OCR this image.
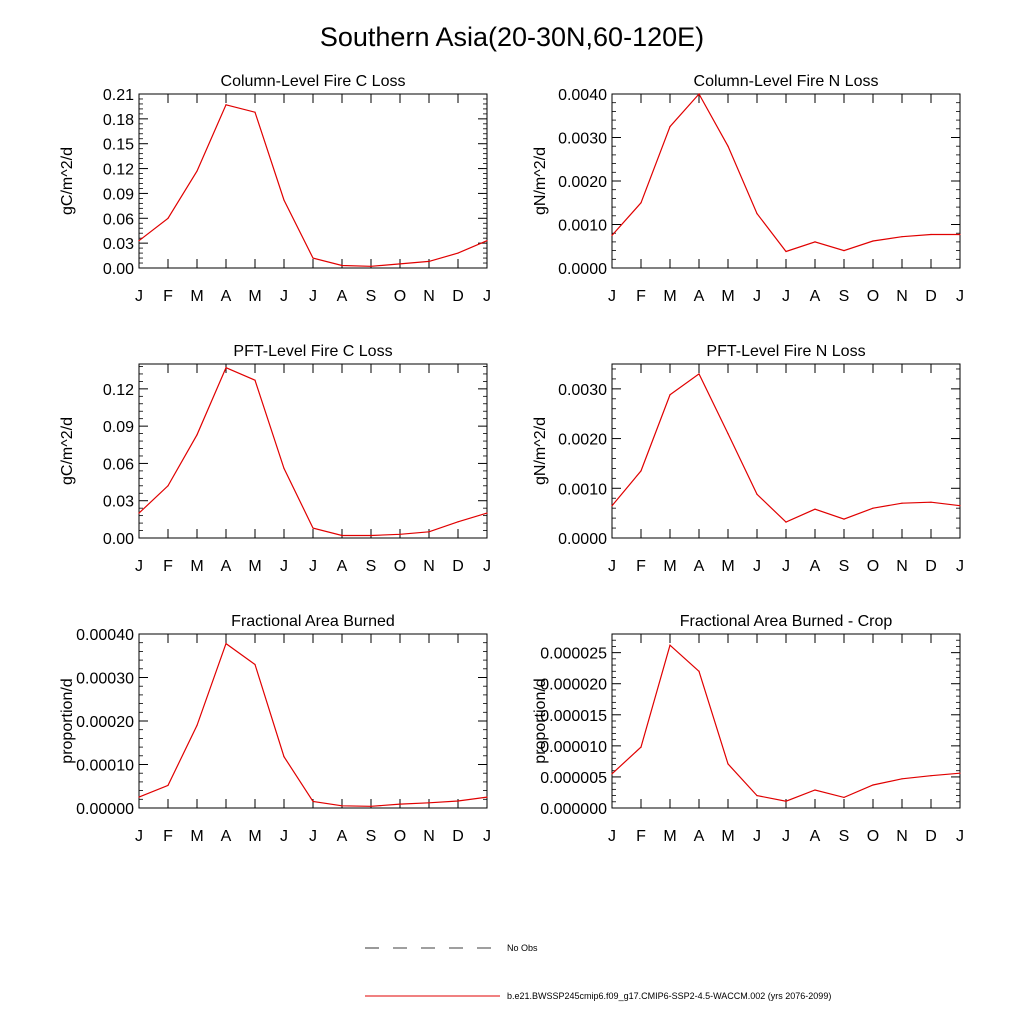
Southern Asia(20-30N,60-120E)
Column-Level Fire C Loss
gC/m^2/d
0.00
0.03
0.06
0.09
0.12
0.15
0.18
0.21
J F M A M J J A S O N D J
Column-Level Fire N Loss
gN/m^2/d
0.0000
0.0010
0.0020
0.0030
0.0040
J F M A M J J A S O N D J
PFT-Level Fire C Loss
gC/m^2/d
0.00
0.03
0.06
0.09
0.12
J F M A M J J A S O N D J
PFT-Level Fire N Loss
gN/m^2/d
0.0000
0.0010
0.0020
0.0030
J F M A M J J A S O N D J
Fractional Area Burned
proportion/d
0.00000
0.00010
0.00020
0.00030
0.00040
J F M A M J J A S O N D J
Fractional Area Burned - Crop
proportion/d
0.000000
0.000005
0.000010
0.000015
0.000020
0.000025
J F M A M J J A S O N D J
No Obs
b.e21.BWSSP245cmip6.f09_g17.CMIP6-SSP2-4.5-WACCM.002 (yrs 2076-2099)
